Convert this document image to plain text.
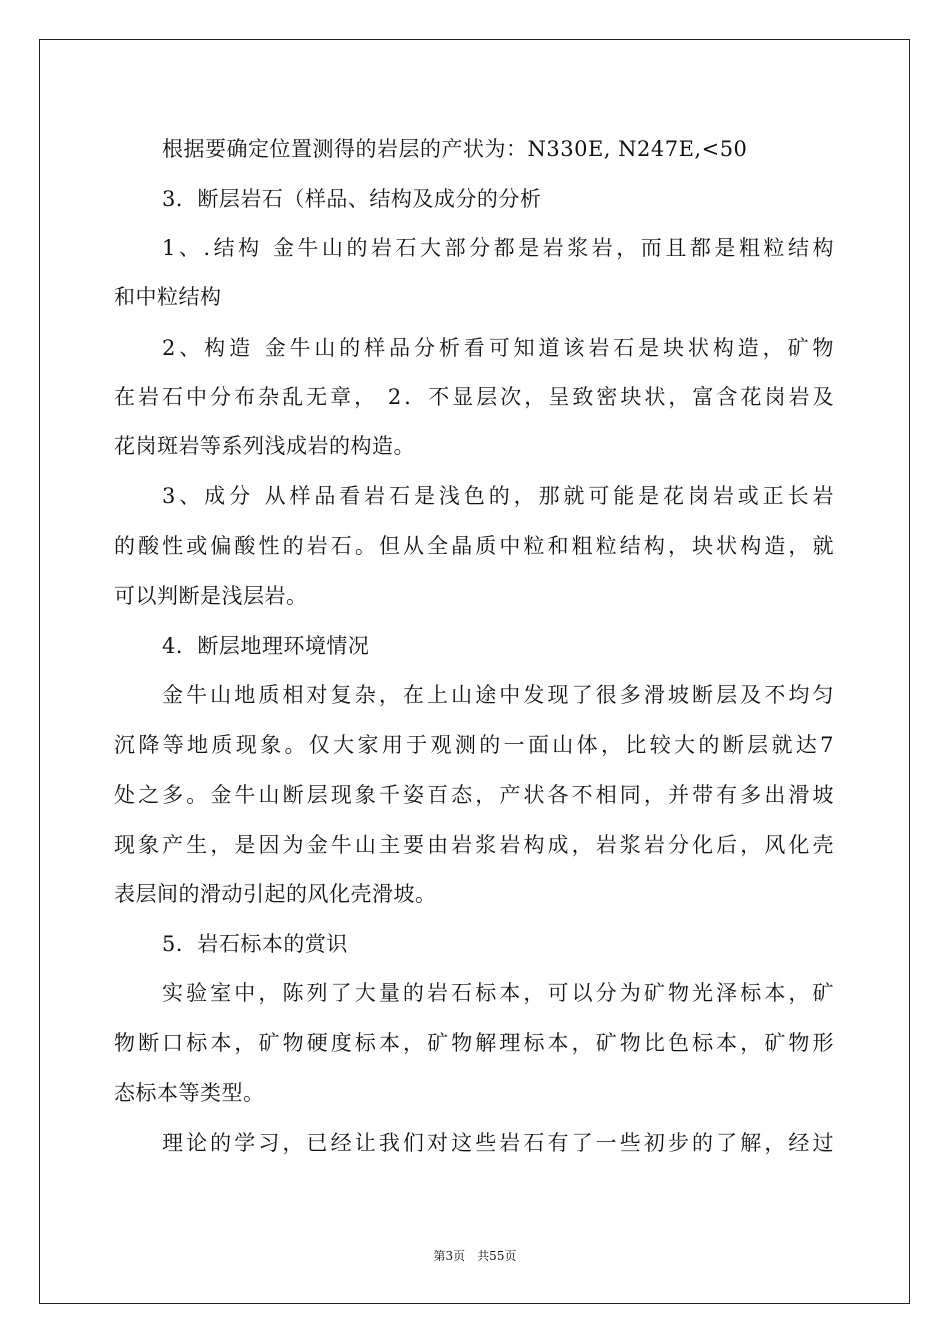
根据要确定位置测得的岩层的产状为：N330E, N247E,<50
3．断层岩石（样品、结构及成分的分析
1、.结构 金牛山的岩石大部分都是岩浆岩，而且都是粗粒结构
和中粒结构
2、构造 金牛山的样品分析看可知道该岩石是块状构造，矿物
在岩石中分布杂乱无章， 2．不显层次，呈致密块状，富含花岗岩及
花岗斑岩等系列浅成岩的构造。
3、成分 从样品看岩石是浅色的，那就可能是花岗岩或正长岩
的酸性或偏酸性的岩石。但从全晶质中粒和粗粒结构，块状构造，就
可以判断是浅层岩。
4．断层地理环境情况
金牛山地质相对复杂，在上山途中发现了很多滑坡断层及不均匀
沉降等地质现象。仅大家用于观测的一面山体，比较大的断层就达7
处之多。金牛山断层现象千姿百态，产状各不相同，并带有多出滑坡
现象产生，是因为金牛山主要由岩浆岩构成，岩浆岩分化后，风化壳
表层间的滑动引起的风化壳滑坡。
5．岩石标本的赏识
实验室中，陈列了大量的岩石标本，可以分为矿物光泽标本，矿
物断口标本，矿物硬度标本，矿物解理标本，矿物比色标本，矿物形
态标本等类型。
理论的学习，已经让我们对这些岩石有了一些初步的了解，经过
第3页　共55页
